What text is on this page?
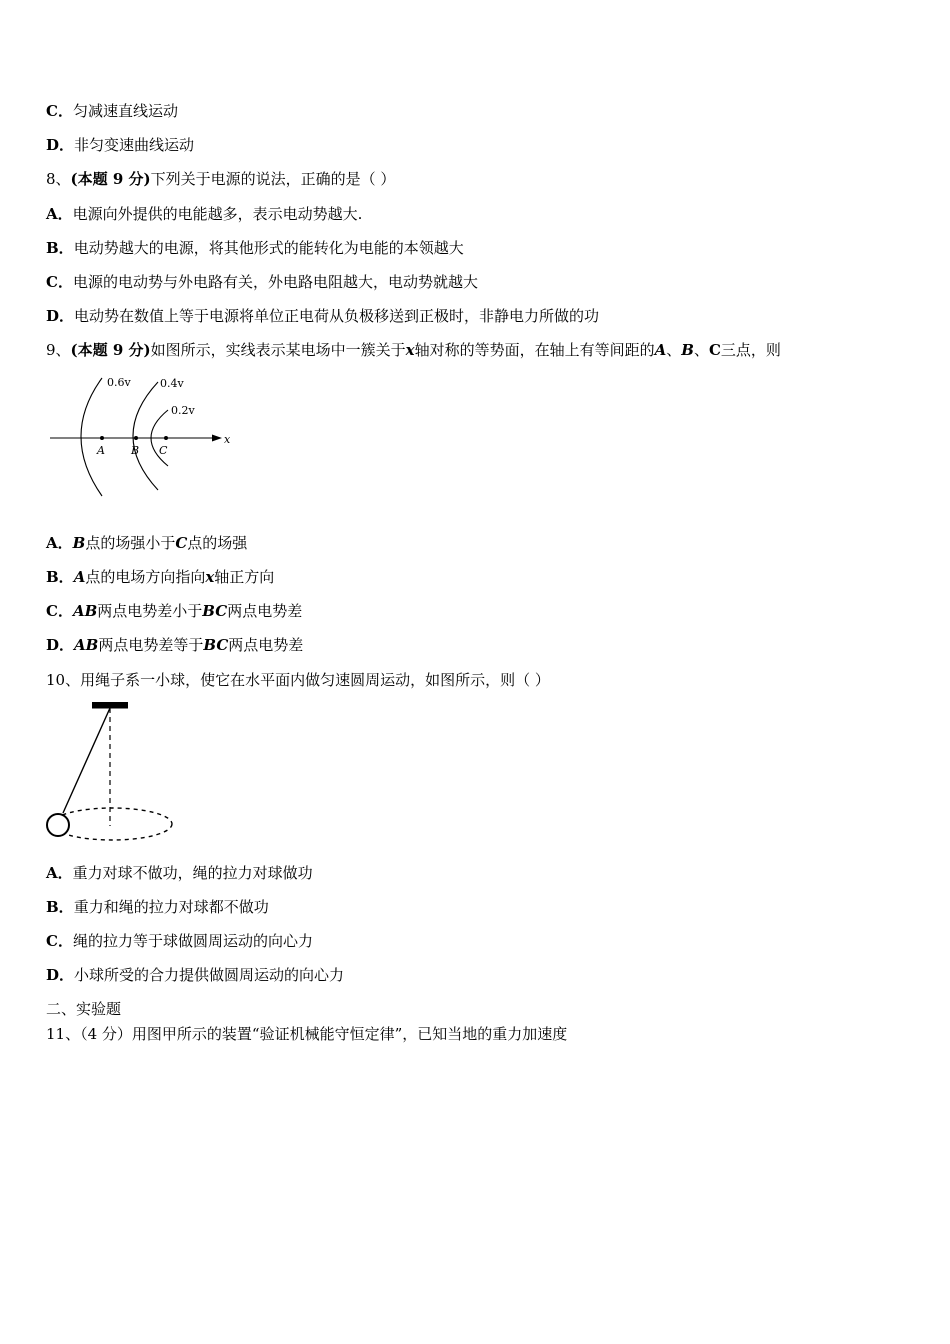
C．匀减速直线运动
D．非匀变速曲线运动
8、(本题 9 分)下列关于电源的说法，正确的是（ ）
A．电源向外提供的电能越多，表示电动势越大.
B．电动势越大的电源，将其他形式的能转化为电能的本领越大
C．电源的电动势与外电路有关，外电路电阻越大，电动势就越大
D．电动势在数值上等于电源将单位正电荷从负极移送到正极时，非静电力所做的功
9、(本题 9 分)如图所示，实线表示某电场中一簇关于x轴对称的等势面，在轴上有等间距的A、B、C三点，则
0.6v	0.4v
0.2v
x
A B C
A．B点的场强小于C点的场强
B．A点的电场方向指向x轴正方向
C．AB两点电势差小于BC两点电势差
D．AB两点电势差等于BC两点电势差
10、用绳子系一小球，使它在水平面内做匀速圆周运动，如图所示，则（ ）
A．重力对球不做功，绳的拉力对球做功
B．重力和绳的拉力对球都不做功
C．绳的拉力等于球做圆周运动的向心力
D．小球所受的合力提供做圆周运动的向心力
二、实验题
11、（4 分）用图甲所示的装置“验证机械能守恒定律”，已知当地的重力加速度
